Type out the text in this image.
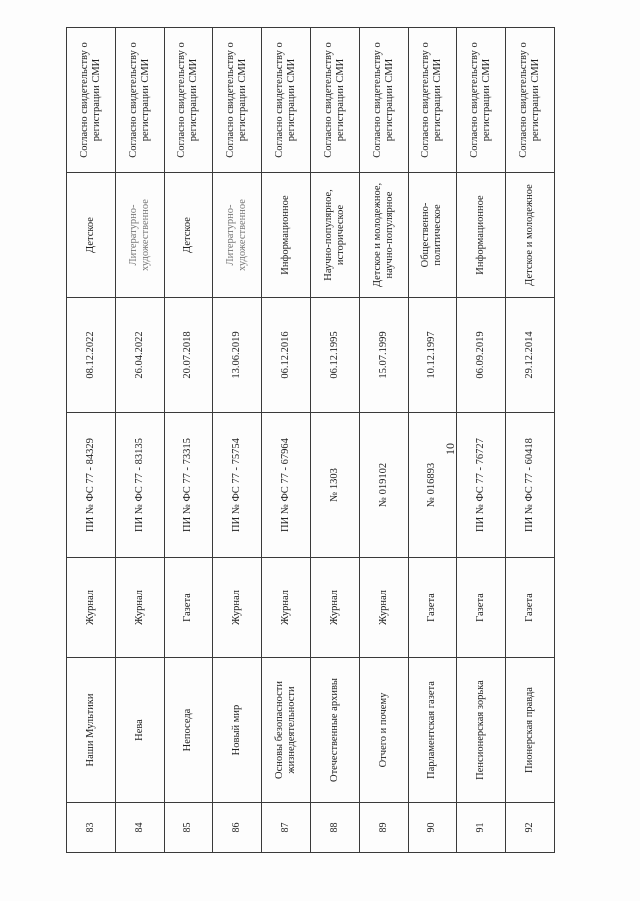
10
83	Наши Мультики	Журнал	ПИ № ФС 77 - 84329	08.12.2022	Детское	Согласно свидетельству о регистрации СМИ
84	Нева	Журнал	ПИ № ФС 77 - 83135	26.04.2022	Литературно-художественное	Согласно свидетельству о регистрации СМИ
85	Непоседа	Газета	ПИ № ФС 77 - 73315	20.07.2018	Детское	Согласно свидетельству о регистрации СМИ
86	Новый мир	Журнал	ПИ № ФС 77 - 75754	13.06.2019	Литературно-художественное	Согласно свидетельству о регистрации СМИ
87	Основы безопасности жизнедеятельности	Журнал	ПИ № ФС 77 - 67964	06.12.2016	Информационное	Согласно свидетельству о регистрации СМИ
88	Отечественные архивы	Журнал	№ 1303	06.12.1995	Научно-популярное, историческое	Согласно свидетельству о регистрации СМИ
89	Отчего и почему	Журнал	№ 019102	15.07.1999	Детское и молодежное, научно-популярное	Согласно свидетельству о регистрации СМИ
90	Парламентская газета	Газета	№ 016893	10.12.1997	Общественно-политическое	Согласно свидетельству о регистрации СМИ
91	Пенсионерская зорька	Газета	ПИ № ФС 77 - 76727	06.09.2019	Информационное	Согласно свидетельству о регистрации СМИ
92	Пионерская правда	Газета	ПИ № ФС 77 - 60418	29.12.2014	Детское и молодежное	Согласно свидетельству о регистрации СМИ
